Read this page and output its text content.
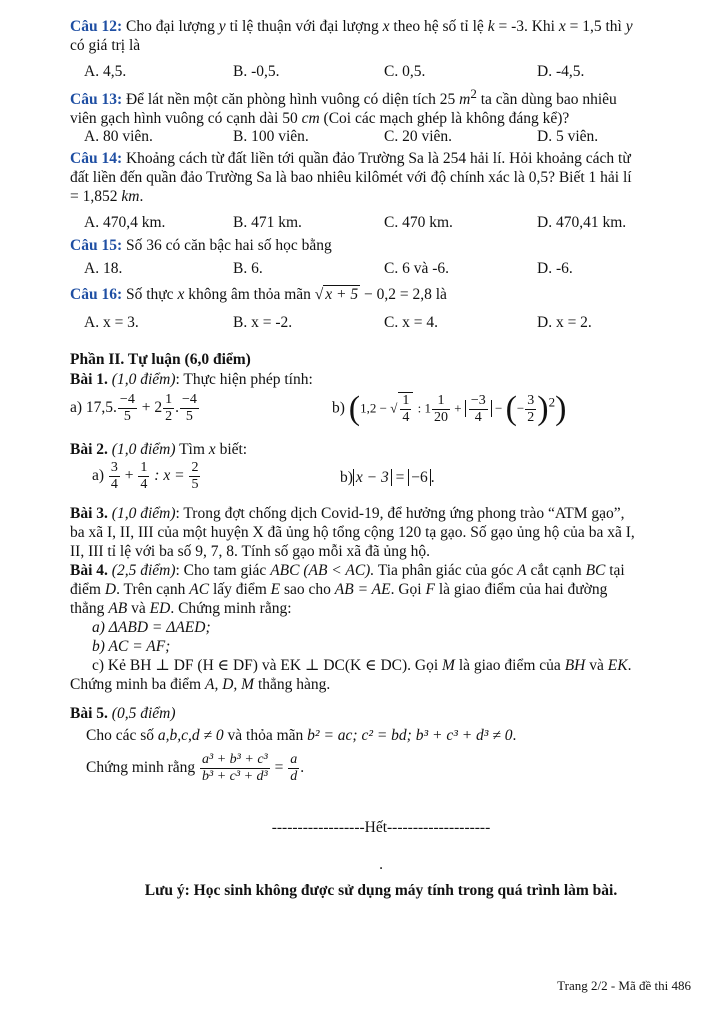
Câu 12: Cho đại lượng y tỉ lệ thuận với đại lượng x theo hệ số tỉ lệ k = -3. Khi x = 1,5 thì y
có giá trị là
A. 4,5.	B. -0,5.	C. 0,5.	D. -4,5.
Câu 13: Để lát nền một căn phòng hình vuông có diện tích 25 $m^2$ ta cần dùng bao nhiêu
viên gạch hình vuông có cạnh dài 50 cm (Coi các mạch ghép là không đáng kể)?
A. 80 viên.	B. 100 viên.	C. 20 viên.	D. 5 viên.
Câu 14: Khoảng cách từ đất liền tới quần đảo Trường Sa là 254 hải lí. Hỏi khoảng cách từ
đất liền đến quần đảo Trường Sa là bao nhiêu kilômét với độ chính xác là 0,5? Biết 1 hải lí
= 1,852 km.
A. 470,4 km.	B. 471 km.	C. 470 km.	D. 470,41 km.
Câu 15: Số 36 có căn bậc hai số học bằng
A. 18.	B. 6.	C. 6 và -6.	D. -6.
Câu 16: Số thực x không âm thỏa mãn √ x + 5 − 0,2 = 2,8 là
A. x = 3.	B. x = -2.	C. x = 4.	D. x = 2.
Phần II. Tự luận (6,0 điểm)
Bài 1. (1,0 điểm): Thực hiện phép tính:
a) 17,5. $\frac{-4}{5} + 2 \frac{1}{2}$ . $\frac{-4}{5}$	b) (1,2 − √ $\frac{1}{4}$ : $1 \frac{1}{20} + \frac{-3}{4}$ − (− $\frac{3}{2} )^2$)
Bài 2. (1,0 điểm) Tìm x biết:
$a) \frac{3}{4} + \frac{1}{4}$ : $x = \frac{2}{5}$	b) x − 3 = −6 .
Bài 3. (1,0 điểm): Trong đợt chống dịch Covid-19, để hưởng ứng phong trào “ATM gạo”,
ba xã I, II, III của một huyện X đã ủng hộ tổng cộng 120 tạ gạo. Số gạo ủng hộ của ba xã I,
II, III tỉ lệ với ba số 9, 7, 8. Tính số gạo mỗi xã đã ủng hộ.
Bài 4. (2,5 điểm): Cho tam giác ABC (AB < AC). Tia phân giác của góc A cắt cạnh BC tại
điểm D. Trên cạnh AC lấy điểm E sao cho AB = AE. Gọi F là giao điểm của hai đường
thẳng AB và ED. Chứng minh rằng:
a) ΔABD = ΔAED;
b) AC = AF;
c) Kẻ BH ⊥ DF (H ∈ DF) và EK ⊥ DC(K ∈ DC). Gọi M là giao điểm của BH và EK.
Chứng minh ba điểm A, D, M thẳng hàng.
Bài 5. (0,5 điểm)
Cho các số a,b,c,d ≠ 0 và thỏa mãn b² = ac; c² = bd; b³ + c³ + d³ ≠ 0.
Chứng minh rằng $\frac{\text{a³ + b³ + c³}}{\text{b³ + c³ + d³}} = \frac{a}{d}$ .
------------------Hết--------------------
.
Lưu ý: Học sinh không được sử dụng máy tính trong quá trình làm bài.
Trang 2/2 - Mã đề thi 486
